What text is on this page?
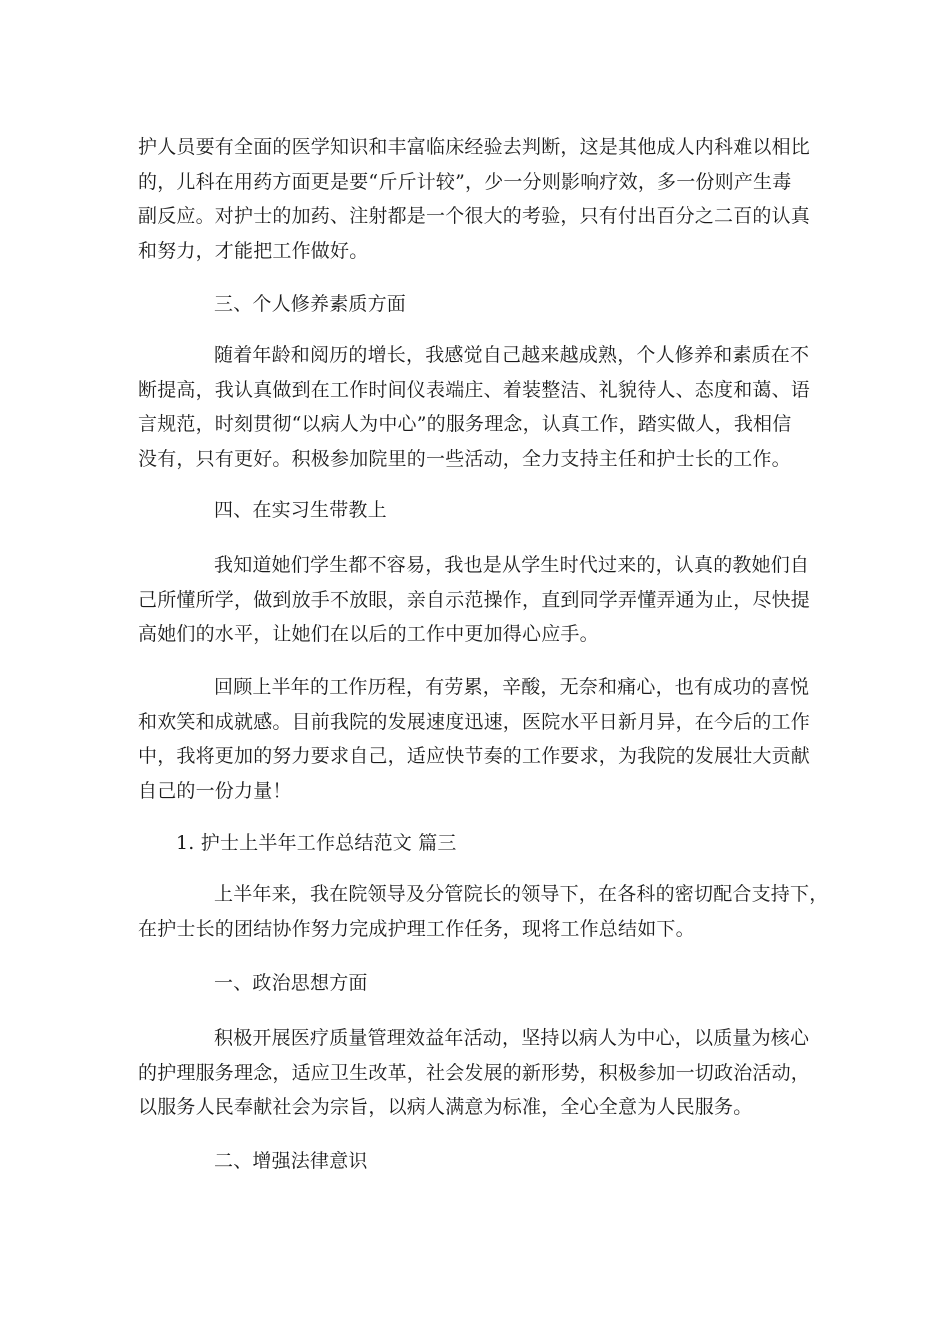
护人员要有全面的医学知识和丰富临床经验去判断，这是其他成人内科难以相比
的，儿科在用药方面更是要“斤斤计较”，少一分则影响疗效，多一份则产生毒
副反应。对护士的加药、注射都是一个很大的考验，只有付出百分之二百的认真
和努力，才能把工作做好。
三、个人修养素质方面
随着年龄和阅历的增长，我感觉自己越来越成熟，个人修养和素质在不
断提高，我认真做到在工作时间仪表端庄、着装整洁、礼貌待人、态度和蔼、语
言规范，时刻贯彻“以病人为中心”的服务理念，认真工作，踏实做人，我相信
没有，只有更好。积极参加院里的一些活动，全力支持主任和护士长的工作。
四、在实习生带教上
我知道她们学生都不容易，我也是从学生时代过来的，认真的教她们自
己所懂所学，做到放手不放眼，亲自示范操作，直到同学弄懂弄通为止，尽快提
高她们的水平，让她们在以后的工作中更加得心应手。
回顾上半年的工作历程，有劳累，辛酸，无奈和痛心，也有成功的喜悦
和欢笑和成就感。目前我院的发展速度迅速，医院水平日新月异，在今后的工作
中，我将更加的努力要求自己，适应快节奏的工作要求，为我院的发展壮大贡献
自己的一份力量！
1. 护士上半年工作总结范文 篇三
上半年来，我在院领导及分管院长的领导下，在各科的密切配合支持下，
在护士长的团结协作努力完成护理工作任务，现将工作总结如下。
一、政治思想方面
积极开展医疗质量管理效益年活动，坚持以病人为中心，以质量为核心
的护理服务理念，适应卫生改革，社会发展的新形势，积极参加一切政治活动，
以服务人民奉献社会为宗旨，以病人满意为标准，全心全意为人民服务。
二、增强法律意识
